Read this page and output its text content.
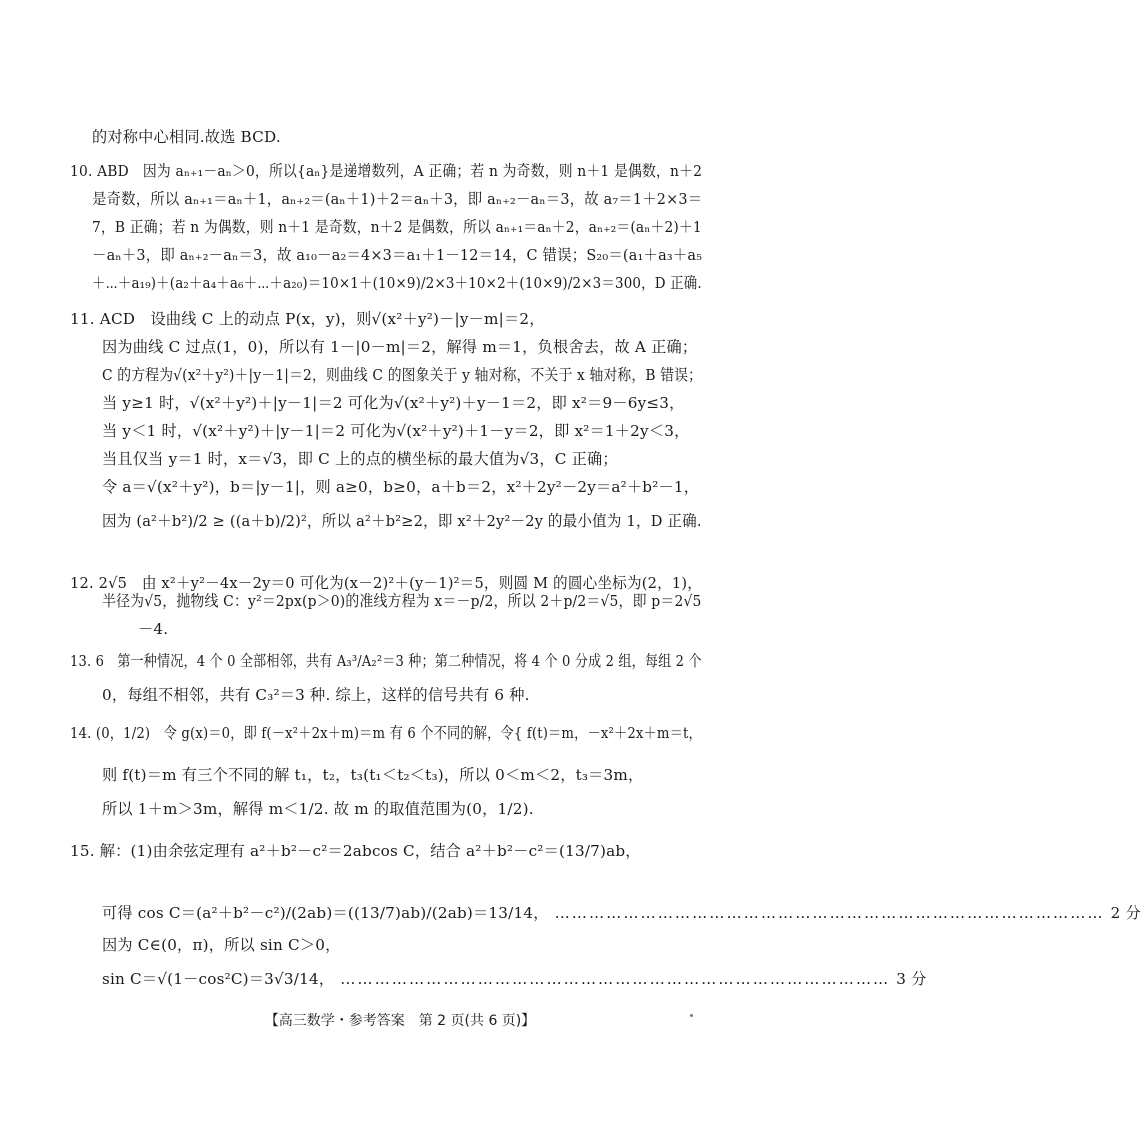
的对称中心相同.故选 BCD.
10. ABD　因为 aₙ₊₁－aₙ＞0，所以{aₙ}是递增数列，A 正确；若 n 为奇数，则 n＋1 是偶数，n＋2
是奇数，所以 aₙ₊₁＝aₙ＋1，aₙ₊₂＝(aₙ＋1)＋2＝aₙ＋3，即 aₙ₊₂－aₙ＝3，故 a₇＝1＋2×3＝
7，B 正确；若 n 为偶数，则 n＋1 是奇数，n＋2 是偶数，所以 aₙ₊₁＝aₙ＋2，aₙ₊₂＝(aₙ＋2)＋1
－aₙ＋3，即 aₙ₊₂－aₙ＝3，故 a₁₀－a₂＝4×3＝a₁＋1－12＝14，C 错误；S₂₀＝(a₁＋a₃＋a₅
＋⋯＋a₁₉)＋(a₂＋a₄＋a₆＋⋯＋a₂₀)＝10×1＋(10×9)/2×3＋10×2＋(10×9)/2×3＝300，D 正确.
11. ACD　设曲线 C 上的动点 P(x，y)，则√(x²＋y²)－|y－m|＝2，
因为曲线 C 过点(1，0)，所以有 1－|0－m|＝2，解得 m＝1，负根舍去，故 A 正确；
C 的方程为√(x²＋y²)＋|y－1|＝2，则曲线 C 的图象关于 y 轴对称，不关于 x 轴对称，B 错误；
当 y≥1 时，√(x²＋y²)＋|y－1|＝2 可化为√(x²＋y²)＋y－1＝2，即 x²＝9－6y≤3，
当 y＜1 时，√(x²＋y²)＋|y－1|＝2 可化为√(x²＋y²)＋1－y＝2，即 x²＝1＋2y＜3，
当且仅当 y＝1 时，x＝√3，即 C 上的点的横坐标的最大值为√3，C 正确；
令 a＝√(x²＋y²)，b＝|y－1|，则 a≥0，b≥0，a＋b＝2，x²＋2y²－2y＝a²＋b²－1，
因为 (a²＋b²)/2 ≥ ((a＋b)/2)²，所以 a²＋b²≥2，即 x²＋2y²－2y 的最小值为 1，D 正确.
12. 2√5　由 x²＋y²－4x－2y＝0 可化为(x－2)²＋(y－1)²＝5，则圆 M 的圆心坐标为(2，1)，
半径为√5，抛物线 C：y²＝2px(p＞0)的准线方程为 x＝－p/2，所以 2＋p/2＝√5，即 p＝2√5
－4.
13. 6　第一种情况，4 个 0 全部相邻，共有 A₃³/A₂²＝3 种；第二种情况，将 4 个 0 分成 2 组，每组 2 个
0，每组不相邻，共有 C₃²＝3 种. 综上，这样的信号共有 6 种.
14. (0，1/2)　令 g(x)＝0，即 f(－x²＋2x＋m)＝m 有 6 个不同的解，令{ f(t)＝m，－x²＋2x＋m＝t，
则 f(t)＝m 有三个不同的解 t₁，t₂，t₃(t₁＜t₂＜t₃)，所以 0＜m＜2，t₃＝3m，
所以 1＋m＞3m，解得 m＜1/2. 故 m 的取值范围为(0，1/2).
15. 解：(1)由余弦定理有 a²＋b²－c²＝2abcos C，结合 a²＋b²－c²＝(13/7)ab，
可得 cos C＝(a²＋b²－c²)/(2ab)＝((13/7)ab)/(2ab)＝13/14， …………………………………………………………………………………… 2 分
因为 C∈(0，π)，所以 sin C＞0，
sin C＝√(1－cos²C)＝3√3/14， …………………………………………………………………………………… 3 分
【高三数学・参考答案　第 2 页(共 6 页)】
